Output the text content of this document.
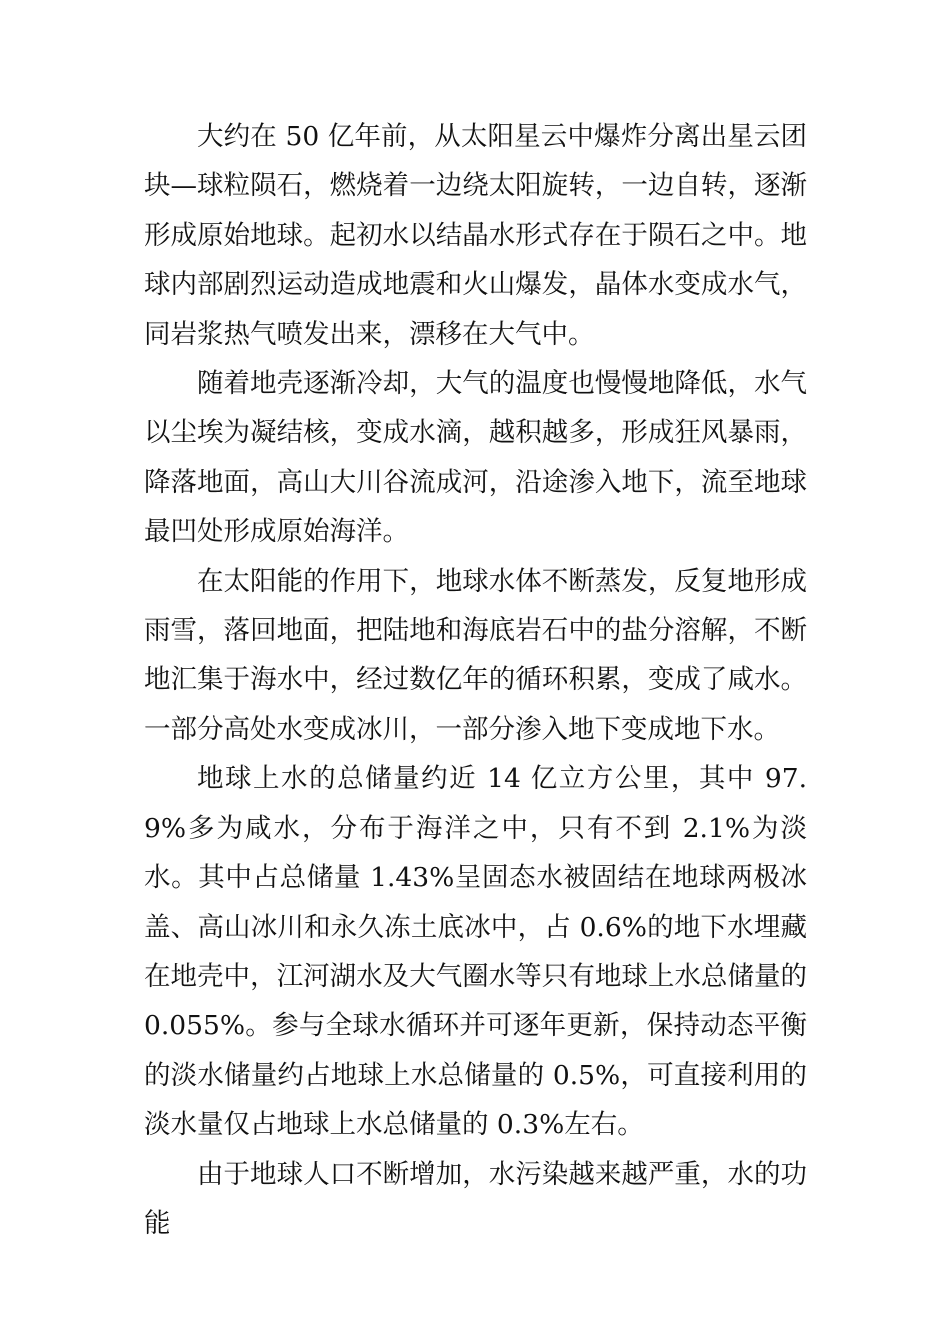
大约在 50 亿年前，从太阳星云中爆炸分离出星云团块—球粒陨石，燃烧着一边绕太阳旋转，一边自转，逐渐形成原始地球。起初水以结晶水形式存在于陨石之中。地球内部剧烈运动造成地震和火山爆发，晶体水变成水气，同岩浆热气喷发出来，漂移在大气中。

随着地壳逐渐冷却，大气的温度也慢慢地降低，水气以尘埃为凝结核，变成水滴，越积越多，形成狂风暴雨，降落地面，高山大川谷流成河，沿途渗入地下，流至地球最凹处形成原始海洋。

在太阳能的作用下，地球水体不断蒸发，反复地形成雨雪，落回地面，把陆地和海底岩石中的盐分溶解，不断地汇集于海水中，经过数亿年的循环积累，变成了咸水。一部分高处水变成冰川，一部分渗入地下变成地下水。

地球上水的总储量约近 14 亿立方公里，其中 97.9%多为咸水，分布于海洋之中，只有不到 2.1%为淡水。其中占总储量 1.43%呈固态水被固结在地球两极冰盖、高山冰川和永久冻土底冰中，占 0.6%的地下水埋藏在地壳中，江河湖水及大气圈水等只有地球上水总储量的 0.055%。参与全球水循环并可逐年更新，保持动态平衡的淡水储量约占地球上水总储量的 0.5%，可直接利用的淡水量仅占地球上水总储量的 0.3%左右。

由于地球人口不断增加，水污染越来越严重，水的功能
